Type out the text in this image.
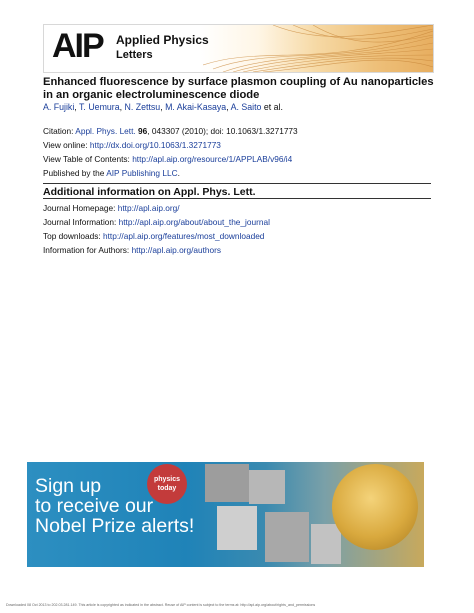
AIP Applied Physics
Letters
Enhanced fluorescence by surface plasmon coupling of Au nanoparticles in an organic electroluminescence diode
A. Fujiki, T. Uemura, N. Zettsu, M. Akai-Kasaya, A. Saito et al.
Citation: Appl. Phys. Lett. 96, 043307 (2010); doi: 10.1063/1.3271773
View online: http://dx.doi.org/10.1063/1.3271773
View Table of Contents: http://apl.aip.org/resource/1/APPLAB/v96/i4
Published by the AIP Publishing LLC.
Additional information on Appl. Phys. Lett.
Journal Homepage: http://apl.aip.org/
Journal Information: http://apl.aip.org/about/about_the_journal
Top downloads: http://apl.aip.org/features/most_downloaded
Information for Authors: http://apl.aip.org/authors
physics
today
Sign up
to receive our
Nobel Prize alerts!
Downloaded 08 Oct 2013 to 202.03.281.149. This article is copyrighted as indicated in the abstract. Reuse of AIP content is subject to the terms at: http://apl.aip.org/about/rights_and_permissions
